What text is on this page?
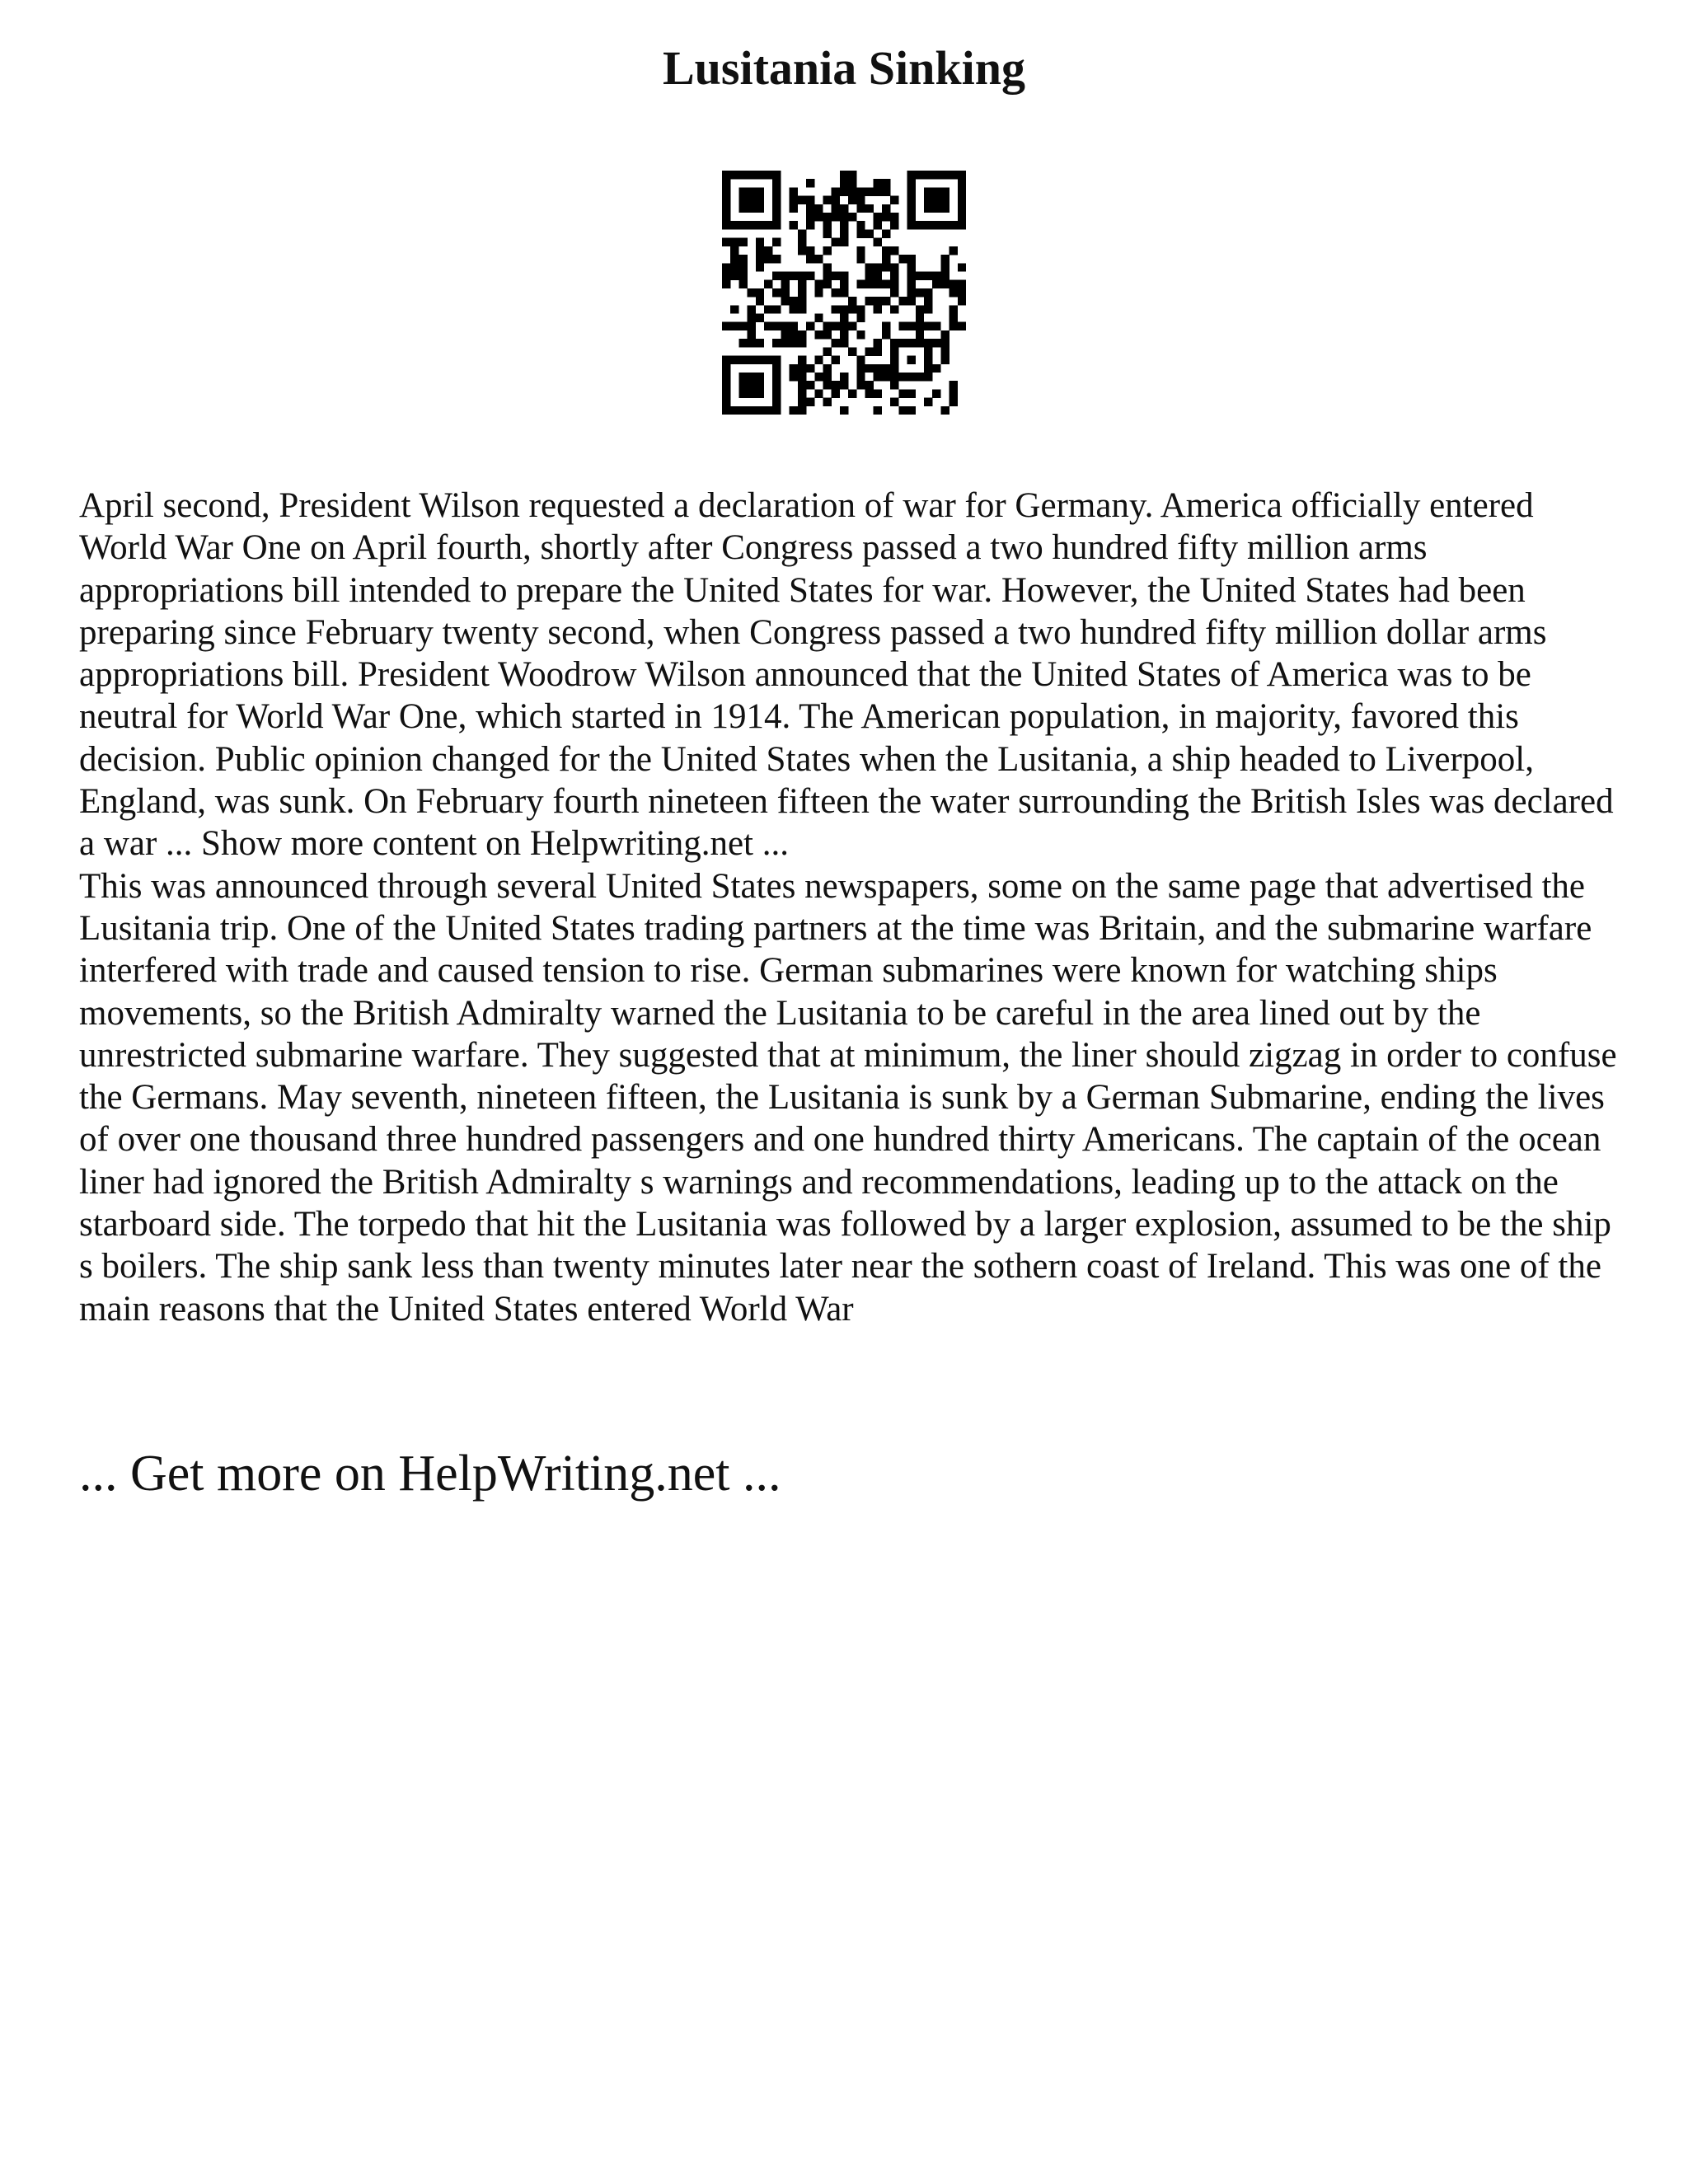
Lusitania Sinking

April second, President Wilson requested a declaration of war for Germany. America officially entered World War One on April fourth, shortly after Congress passed a two hundred fifty million arms appropriations bill intended to prepare the United States for war. However, the United States had been preparing since February twenty second, when Congress passed a two hundred fifty million dollar arms appropriations bill. President Woodrow Wilson announced that the United States of America was to be neutral for World War One, which started in 1914. The American population, in majority, favored this decision. Public opinion changed for the United States when the Lusitania, a ship headed to Liverpool, England, was sunk. On February fourth nineteen fifteen the water surrounding the British Isles was declared a war ... Show more content on Helpwriting.net ...

This was announced through several United States newspapers, some on the same page that advertised the Lusitania trip. One of the United States trading partners at the time was Britain, and the submarine warfare interfered with trade and caused tension to rise. German submarines were known for watching ships movements, so the British Admiralty warned the Lusitania to be careful in the area lined out by the unrestricted submarine warfare. They suggested that at minimum, the liner should zigzag in order to confuse the Germans. May seventh, nineteen fifteen, the Lusitania is sunk by a German Submarine, ending the lives of over one thousand three hundred passengers and one hundred thirty Americans. The captain of the ocean liner had ignored the British Admiralty s warnings and recommendations, leading up to the attack on the starboard side. The torpedo that hit the Lusitania was followed by a larger explosion, assumed to be the ship s boilers. The ship sank less than twenty minutes later near the sothern coast of Ireland. This was one of the main reasons that the United States entered World War

... Get more on HelpWriting.net ...
